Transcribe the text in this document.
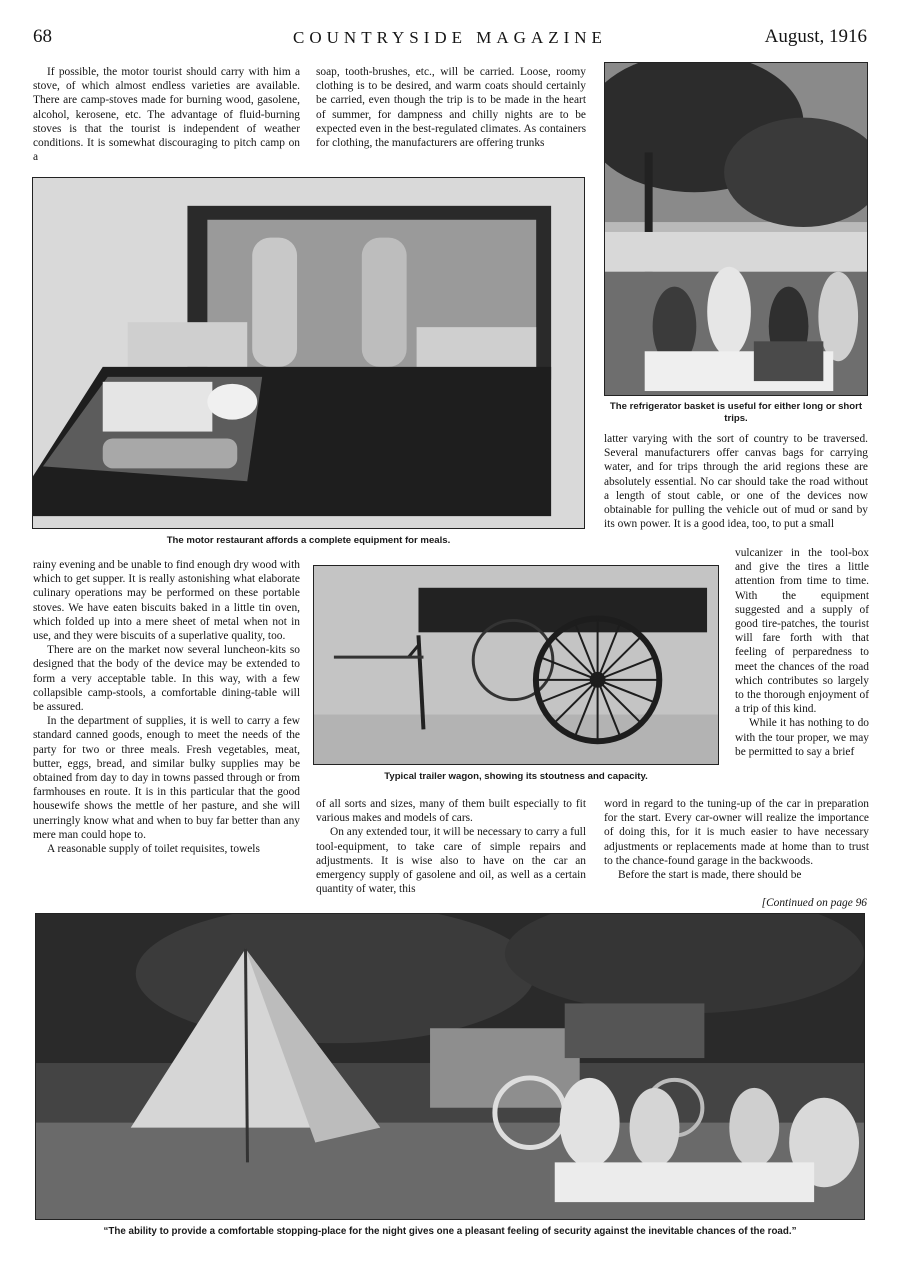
68	COUNTRYSIDE MAGAZINE	August, 1916

If possible, the motor tourist should carry with him a stove, of which almost endless varieties are available. There are camp-stoves made for burning wood, gasolene, alcohol, kerosene, etc. The advantage of fluid-burning stoves is that the tourist is independent of weather conditions. It is somewhat discouraging to pitch camp on a

soap, tooth-brushes, etc., will be carried. Loose, roomy clothing is to be desired, and warm coats should certainly be carried, even though the trip is to be made in the heart of summer, for dampness and chilly nights are to be expected even in the best-regulated climates. As containers for clothing, the manufacturers are offering trunks

The refrigerator basket is useful for either long or short trips.
The motor restaurant affords a complete equipment for meals.

latter varying with the sort of country to be traversed. Several manufacturers offer canvas bags for carrying water, and for trips through the arid regions these are absolutely essential. No car should take the road without a length of stout cable, or one of the devices now obtainable for pulling the vehicle out of mud or sand by its own power. It is a good idea, too, to put a small

rainy evening and be unable to find enough dry wood with which to get supper. It is really astonishing what elaborate culinary operations may be performed on these portable stoves. We have eaten biscuits baked in a little tin oven, which folded up into a mere sheet of metal when not in use, and they were biscuits of a superlative quality, too.

There are on the market now several luncheon-kits so designed that the body of the device may be extended to form a very acceptable table. In this way, with a few collapsible camp-stools, a comfortable dining-table will be assured.

In the department of supplies, it is well to carry a few standard canned goods, enough to meet the needs of the party for two or three meals. Fresh vegetables, meat, butter, eggs, bread, and similar bulky supplies may be obtained from day to day in towns passed through or from farmhouses en route. It is in this particular that the good housewife shows the mettle of her pasture, and she will unerringly know what and when to buy far better than any mere man could hope to.

A reasonable supply of toilet requisites, towels

Typical trailer wagon, showing its stoutness and capacity.

vulcanizer in the tool-box and give the tires a little attention from time to time. With the equipment suggested and a supply of good tire-patches, the tourist will fare forth with that feeling of perparedness to meet the chances of the road which contributes so largely to the thorough enjoyment of a trip of this kind.

While it has nothing to do with the tour proper, we may be permitted to say a brief

of all sorts and sizes, many of them built especially to fit various makes and models of cars.

On any extended tour, it will be necessary to carry a full tool-equipment, to take care of simple repairs and adjustments. It is wise also to have on the car an emergency supply of gasolene and oil, as well as a certain quantity of water, this

word in regard to the tuning-up of the car in preparation for the start. Every car-owner will realize the importance of doing this, for it is much easier to have necessary adjustments or replacements made at home than to trust to the chance-found garage in the backwoods.

Before the start is made, there should be

[Continued on page 96
“The ability to provide a comfortable stopping-place for the night gives one a pleasant feeling of security against the inevitable chances of the road.”
